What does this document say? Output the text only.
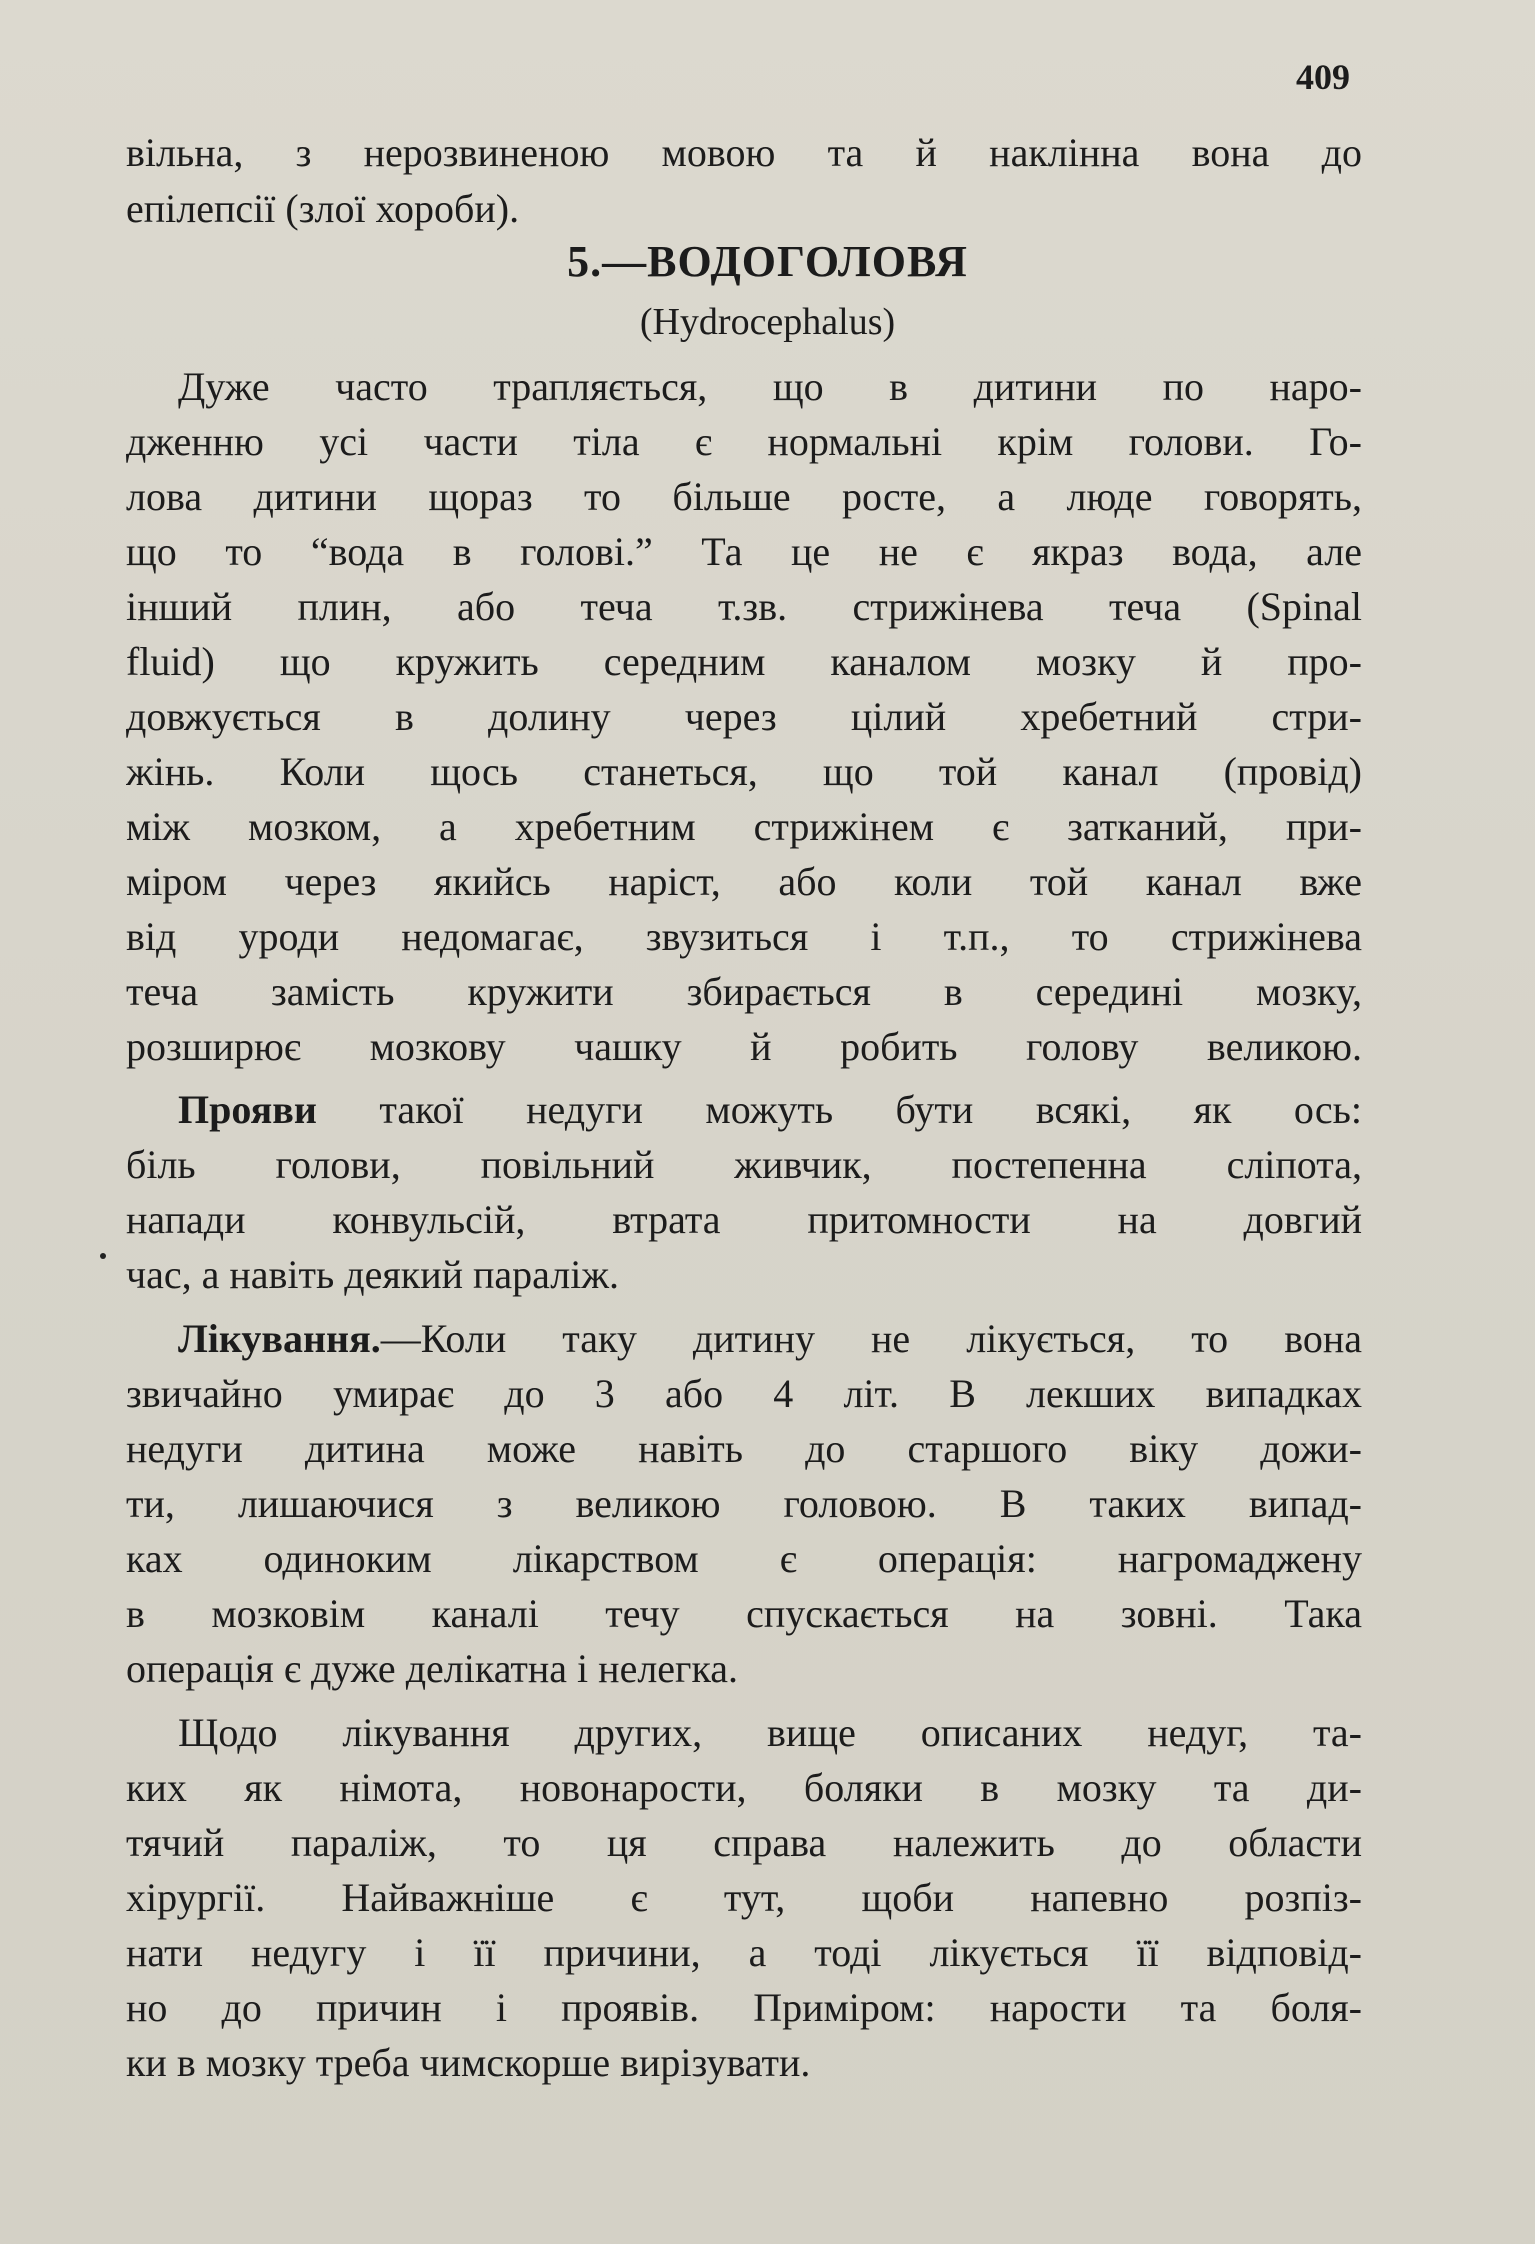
409
вільна, з нерозвиненою мовою та й наклінна вона до
епілепсії (злої хороби).
5.—ВОДОГОЛОВЯ
(Hydrocephalus)
Дуже часто трапляється, що в дитини по наро-
дженню усі части тіла є нормальні крім голови. Го-
лова дитини щораз то більше росте, а люде говорять,
що то “вода в голові.” Та це не є якраз вода, але
інший плин, або теча т.зв. стрижінева теча (Spinal
fluid) що кружить середним каналом мозку й про-
довжується в долину через цілий хребетний стри-
жінь. Коли щось станеться, що той канал (провід)
між мозком, а хребетним стрижінем є затканий, при-
міром через якийсь наріст, або коли той канал вже
від уроди недомагає, звузиться і т.п., то стрижінева
теча замість кружити збирається в середині мозку,
розширює мозкову чашку й робить голову великою.
Прояви такої недуги можуть бути всякі, як ось:
біль голови, повільний живчик, постепенна сліпота,
напади конвульсій, втрата притомности на довгий
час, а навіть деякий параліж.
Лікування.—Коли таку дитину не лікується, то вона
звичайно умирає до 3 або 4 літ. В лекших випадках
недуги дитина може навіть до старшого віку дожи-
ти, лишаючися з великою головою. В таких випад-
ках одиноким лікарством є операція: нагромаджену
в мозковім каналі течу спускається на зовні. Така
операція є дуже делікатна і нелегка.
Щодо лікування других, вище описаних недуг, та-
ких як німота, новонарости, боляки в мозку та ди-
тячий параліж, то ця справа належить до области
хірургії. Найважніше є тут, щоби напевно розпіз-
нати недугу і її причини, а тоді лікується її відповід-
но до причин і проявів. Приміром: нарости та боля-
ки в мозку треба чимскорше вирізувати.
